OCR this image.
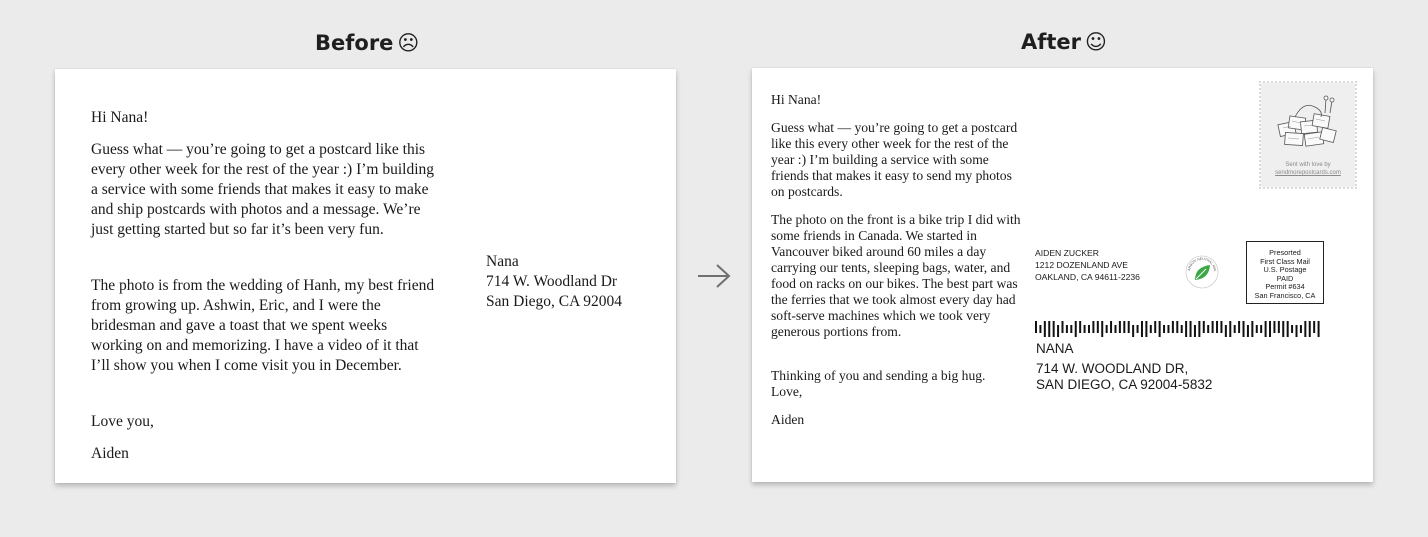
Before ☹

Hi Nana!

Guess what — you’re going to get a postcard like this every other week for the rest of the year :) I’m building a service with some friends that makes it easy to make and ship postcards with photos and a message. We’re just getting started but so far it’s been very fun.

The photo is from the wedding of Hanh, my best friend from growing up. Ashwin, Eric, and I were the bridesman and gave a toast that we spent weeks working on and memorizing. I have a video of it that I’ll show you when I come visit you in December.

Love you,

Aiden

Nana
714 W. Woodland Dr
San Diego, CA 92004
After ☺

Hi Nana!

Guess what — you’re going to get a postcard like this every other week for the rest of the year :) I’m building a service with some friends that makes it easy to send my photos on postcards.

The photo on the front is a bike trip I did with some friends in Canada. We started in Vancouver biked around 60 miles a day carrying our tents, sleeping bags, water, and food on racks on our bikes. The best part was the ferries that we took almost every day had soft-serve machines which we took very generous portions from.

Thinking of you and sending a big hug.

Love,

Aiden

Sent with love by
sendmorepostcards.com
AIDEN ZUCKER
1212 DOZENLAND AVE
OAKLAND, CA 94611-2236
ARBON NEUTRAL MAI
Presorted
First Class Mail
U.S. Postage
PAID
Permit #634
San Francisco, CA
NANA
714 W. WOODLAND DR,
SAN DIEGO, CA 92004-5832
